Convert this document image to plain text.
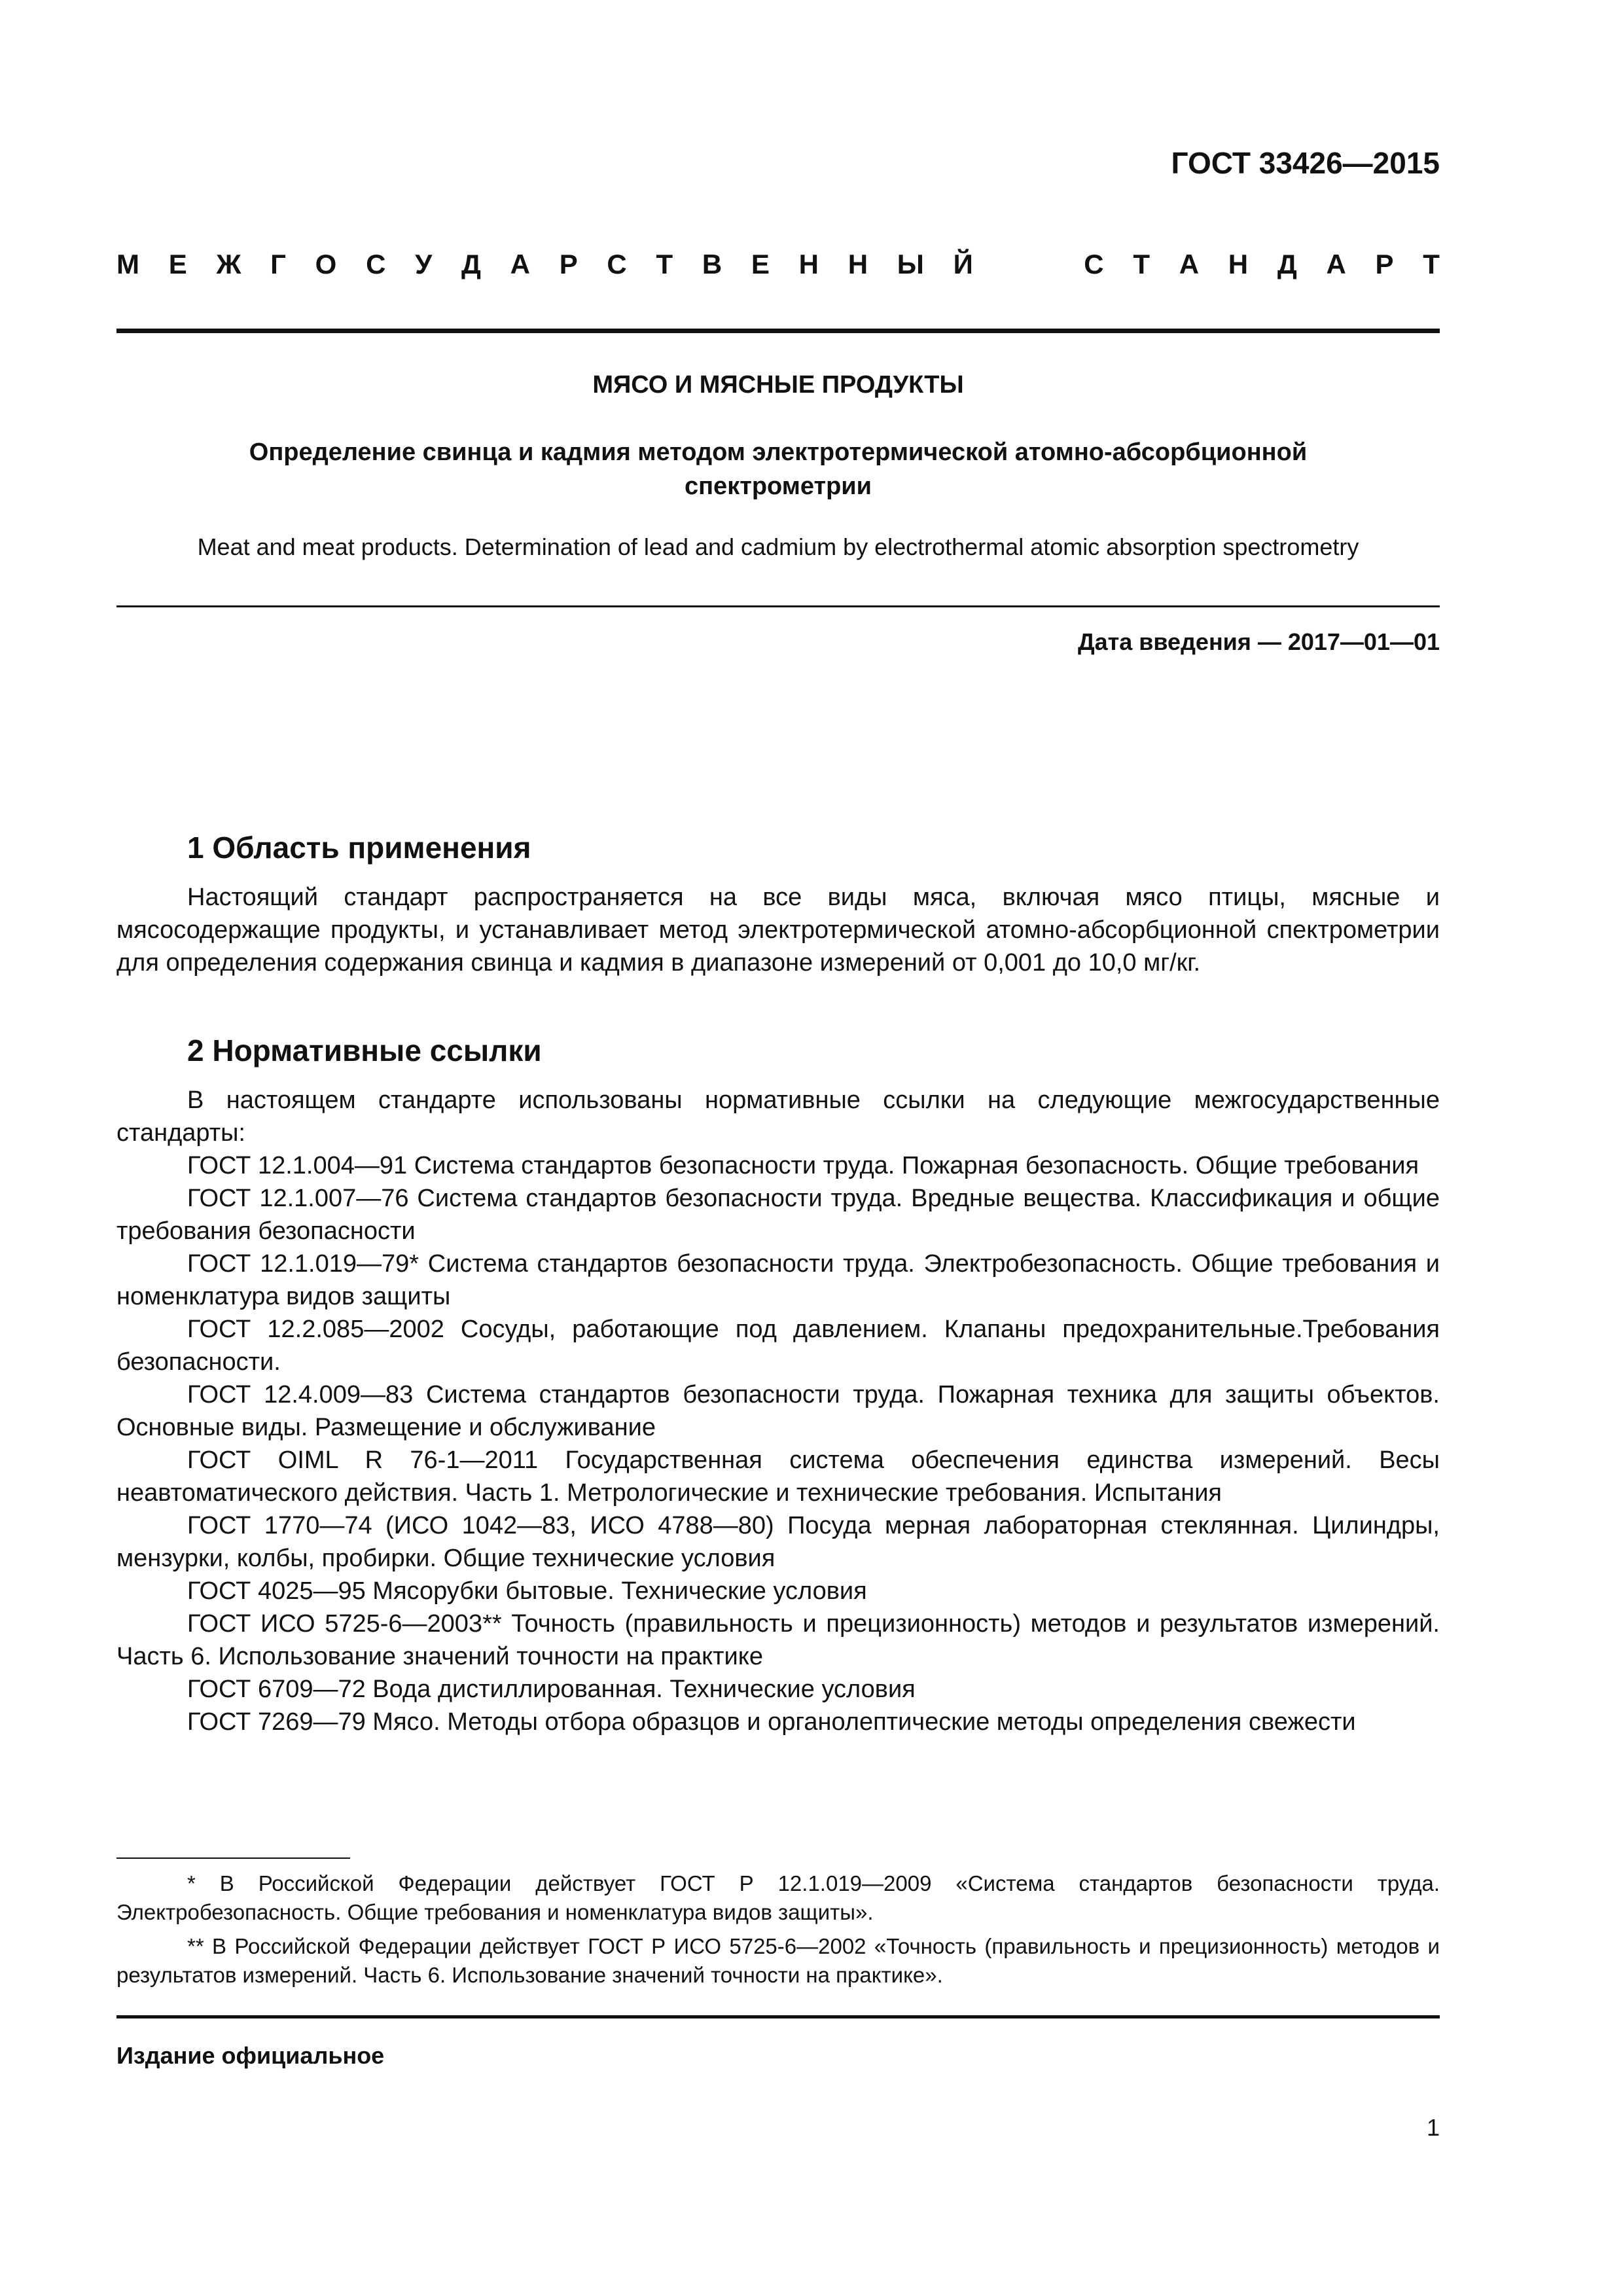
ГОСТ 33426—2015
М Е Ж Г О С У Д А Р С Т В Е Н Н Ы Й	С Т А Н Д А Р Т
МЯСО И МЯСНЫЕ ПРОДУКТЫ
Определение свинца и кадмия методом электротермической атомно-абсорбционной
спектрометрии
Meat and meat products. Determination of lead and cadmium by electrothermal atomic absorption spectrometry
Дата введения — 2017—01—01
1 Область применения
Настоящий стандарт распространяется на все виды мяса, включая мясо птицы, мясные и мясосодержащие продукты, и устанавливает метод электротермической атомно-абсорбционной спектрометрии для определения содержания свинца и кадмия в диапазоне измерений от 0,001 до 10,0 мг/кг.
2 Нормативные ссылки

В настоящем стандарте использованы нормативные ссылки на следующие межгосударственные стандарты:

ГОСТ 12.1.004—91 Система стандартов безопасности труда. Пожарная безопасность. Общие требования

ГОСТ 12.1.007—76 Система стандартов безопасности труда. Вредные вещества. Классификация и общие требования безопасности

ГОСТ 12.1.019—79* Система стандартов безопасности труда. Электробезопасность. Общие требования и номенклатура видов защиты

ГОСТ 12.2.085—2002 Сосуды, работающие под давлением. Клапаны предохранительные.Требования безопасности.

ГОСТ 12.4.009—83 Система стандартов безопасности труда. Пожарная техника для защиты объектов. Основные виды. Размещение и обслуживание

ГОСТ OIML R 76-1—2011 Государственная система обеспечения единства измерений. Весы неавтоматического действия. Часть 1. Метрологические и технические требования. Испытания

ГОСТ 1770—74 (ИСО 1042—83, ИСО 4788—80) Посуда мерная лабораторная стеклянная. Цилиндры, мензурки, колбы, пробирки. Общие технические условия

ГОСТ 4025—95 Мясорубки бытовые. Технические условия

ГОСТ ИСО 5725-6—2003** Точность (правильность и прецизионность) методов и результатов измерений. Часть 6. Использование значений точности на практике

ГОСТ 6709—72 Вода дистиллированная. Технические условия

ГОСТ 7269—79 Мясо. Методы отбора образцов и органолептические методы определения свежести

* В Российской Федерации действует ГОСТ Р 12.1.019—2009 «Система стандартов безопасности труда. Электробезопасность. Общие требования и номенклатура видов защиты».
** В Российской Федерации действует ГОСТ Р ИСО 5725-6—2002 «Точность (правильность и прецизионность) методов и результатов измерений. Часть 6. Использование значений точности на практике».
Издание официальное
1
